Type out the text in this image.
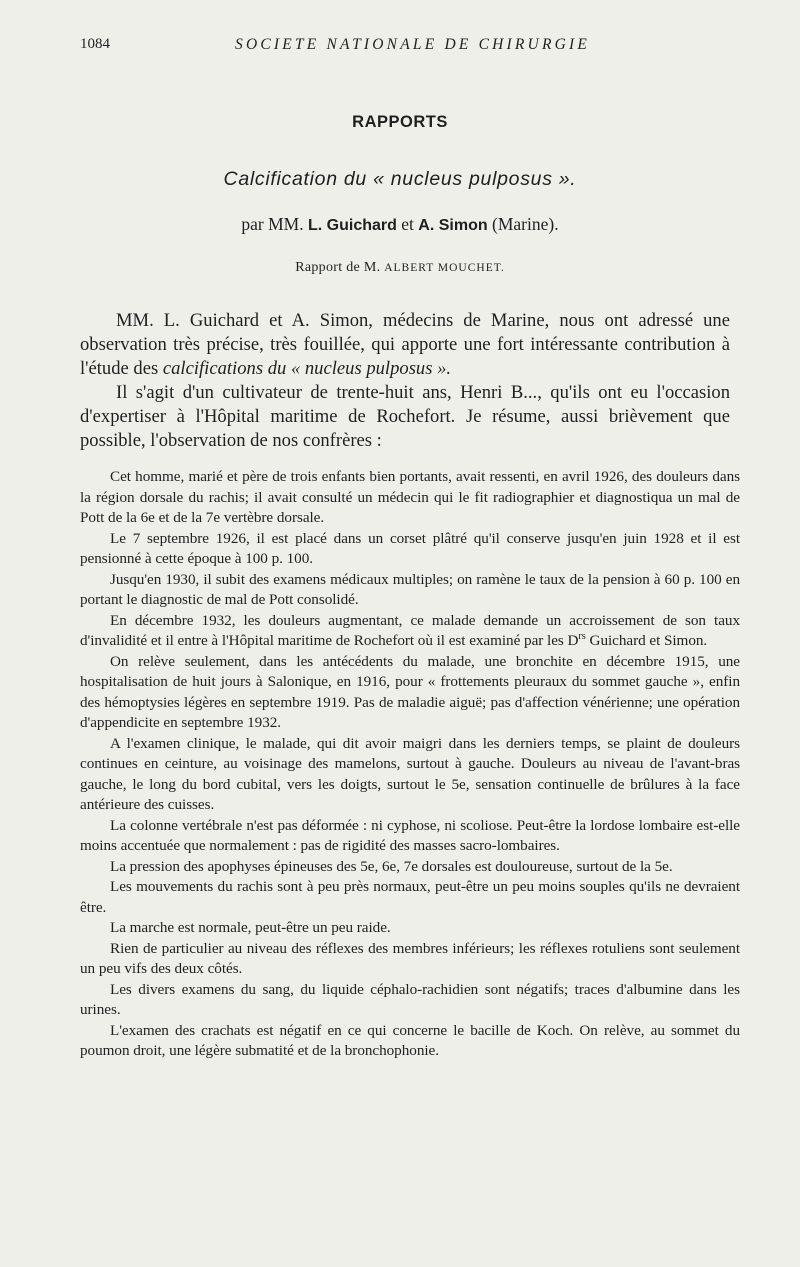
1084	SOCIETE NATIONALE DE CHIRURGIE
RAPPORTS
Calcification du « nucleus pulposus ».
par MM. L. Guichard et A. Simon (Marine).
Rapport de M. ALBERT MOUCHET.

MM. L. Guichard et A. Simon, médecins de Marine, nous ont adressé une observation très précise, très fouillée, qui apporte une fort intéressante contribution à l'étude des calcifications du « nucleus pulposus ».

Il s'agit d'un cultivateur de trente-huit ans, Henri B..., qu'ils ont eu l'occasion d'expertiser à l'Hôpital maritime de Rochefort. Je résume, aussi brièvement que possible, l'observation de nos confrères :

Cet homme, marié et père de trois enfants bien portants, avait ressenti, en avril 1926, des douleurs dans la région dorsale du rachis; il avait consulté un médecin qui le fit radiographier et diagnostiqua un mal de Pott de la 6e et de la 7e vertèbre dorsale.

Le 7 septembre 1926, il est placé dans un corset plâtré qu'il conserve jusqu'en juin 1928 et il est pensionné à cette époque à 100 p. 100.

Jusqu'en 1930, il subit des examens médicaux multiples; on ramène le taux de la pension à 60 p. 100 en portant le diagnostic de mal de Pott consolidé.

En décembre 1932, les douleurs augmentant, ce malade demande un accroissement de son taux d'invalidité et il entre à l'Hôpital maritime de Rochefort où il est examiné par les $D^{rs}$ Guichard et Simon.

On relève seulement, dans les antécédents du malade, une bronchite en décembre 1915, une hospitalisation de huit jours à Salonique, en 1916, pour « frottements pleuraux du sommet gauche », enfin des hémoptysies légères en septembre 1919. Pas de maladie aiguë; pas d'affection vénérienne; une opération d'appendicite en septembre 1932.

A l'examen clinique, le malade, qui dit avoir maigri dans les derniers temps, se plaint de douleurs continues en ceinture, au voisinage des mamelons, surtout à gauche. Douleurs au niveau de l'avant-bras gauche, le long du bord cubital, vers les doigts, surtout le 5e, sensation continuelle de brûlures à la face antérieure des cuisses.

La colonne vertébrale n'est pas déformée : ni cyphose, ni scoliose. Peut-être la lordose lombaire est-elle moins accentuée que normalement : pas de rigidité des masses sacro-lombaires.

La pression des apophyses épineuses des 5e, 6e, 7e dorsales est douloureuse, surtout de la 5e.

Les mouvements du rachis sont à peu près normaux, peut-être un peu moins souples qu'ils ne devraient être.

La marche est normale, peut-être un peu raide.

Rien de particulier au niveau des réflexes des membres inférieurs; les réflexes rotuliens sont seulement un peu vifs des deux côtés.

Les divers examens du sang, du liquide céphalo-rachidien sont négatifs; traces d'albumine dans les urines.

L'examen des crachats est négatif en ce qui concerne le bacille de Koch. On relève, au sommet du poumon droit, une légère submatité et de la bronchophonie.
